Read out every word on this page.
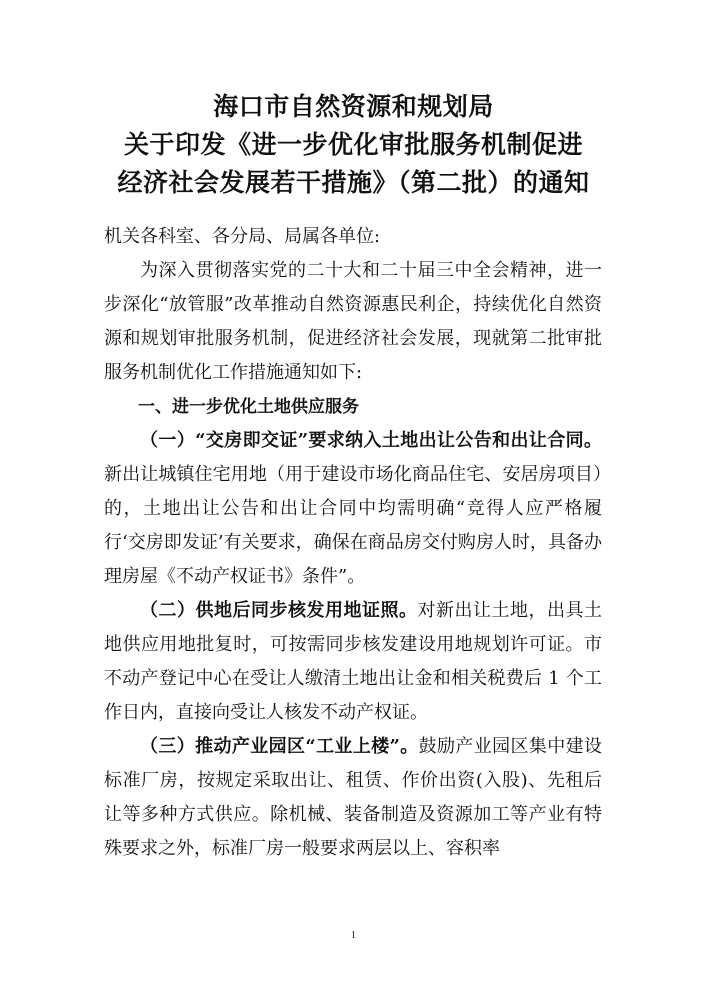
海口市自然资源和规划局
关于印发《进一步优化审批服务机制促进
经济社会发展若干措施》（第二批）的通知

机关各科室、各分局、局属各单位:

为深入贯彻落实党的二十大和二十届三中全会精神，进一步深化“放管服”改革推动自然资源惠民利企，持续优化自然资源和规划审批服务机制，促进经济社会发展，现就第二批审批服务机制优化工作措施通知如下:

一、进一步优化土地供应服务

（一）“交房即交证”要求纳入土地出让公告和出让合同。新出让城镇住宅用地（用于建设市场化商品住宅、安居房项目）的，土地出让公告和出让合同中均需明确“竞得人应严格履行‘交房即发证’有关要求，确保在商品房交付购房人时，具备办理房屋《不动产权证书》条件”。

（二）供地后同步核发用地证照。对新出让土地，出具土地供应用地批复时，可按需同步核发建设用地规划许可证。市不动产登记中心在受让人缴清土地出让金和相关税费后 1 个工作日内，直接向受让人核发不动产权证。

（三）推动产业园区“工业上楼”。鼓励产业园区集中建设标准厂房，按规定采取出让、租赁、作价出资(入股)、先租后让等多种方式供应。除机械、装备制造及资源加工等产业有特殊要求之外，标准厂房一般要求两层以上、容积率

1
